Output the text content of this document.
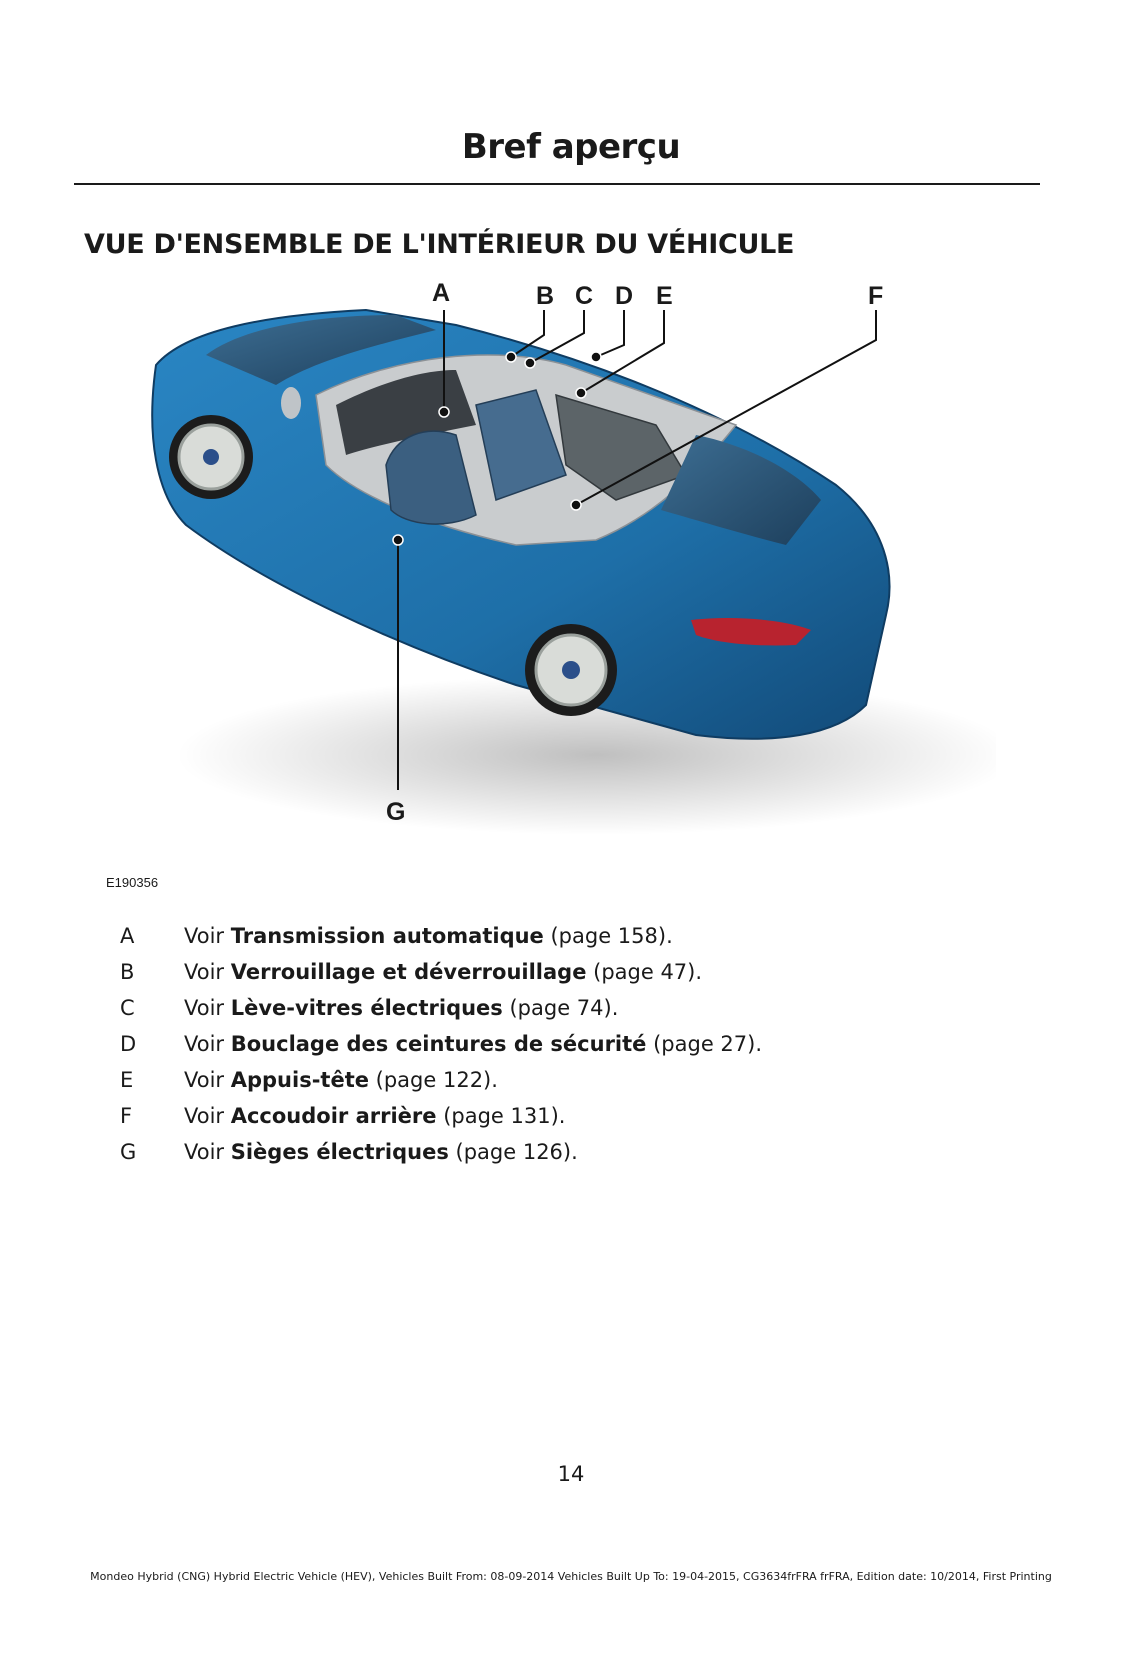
Bref aperçu
VUE D'ENSEMBLE DE L'INTÉRIEUR DU VÉHICULE
A	B C D E	F
G
E190356
A	Voir Transmission automatique (page 158).
B	Voir Verrouillage et déverrouillage (page 47).
C	Voir Lève-vitres électriques (page 74).
D	Voir Bouclage des ceintures de sécurité (page 27).
E	Voir Appuis-tête (page 122).
F	Voir Accoudoir arrière (page 131).
G	Voir Sièges électriques (page 126).
14
Mondeo Hybrid (CNG) Hybrid Electric Vehicle (HEV), Vehicles Built From: 08-09-2014 Vehicles Built Up To: 19-04-2015, CG3634frFRA frFRA, Edition date: 10/2014, First Printing
